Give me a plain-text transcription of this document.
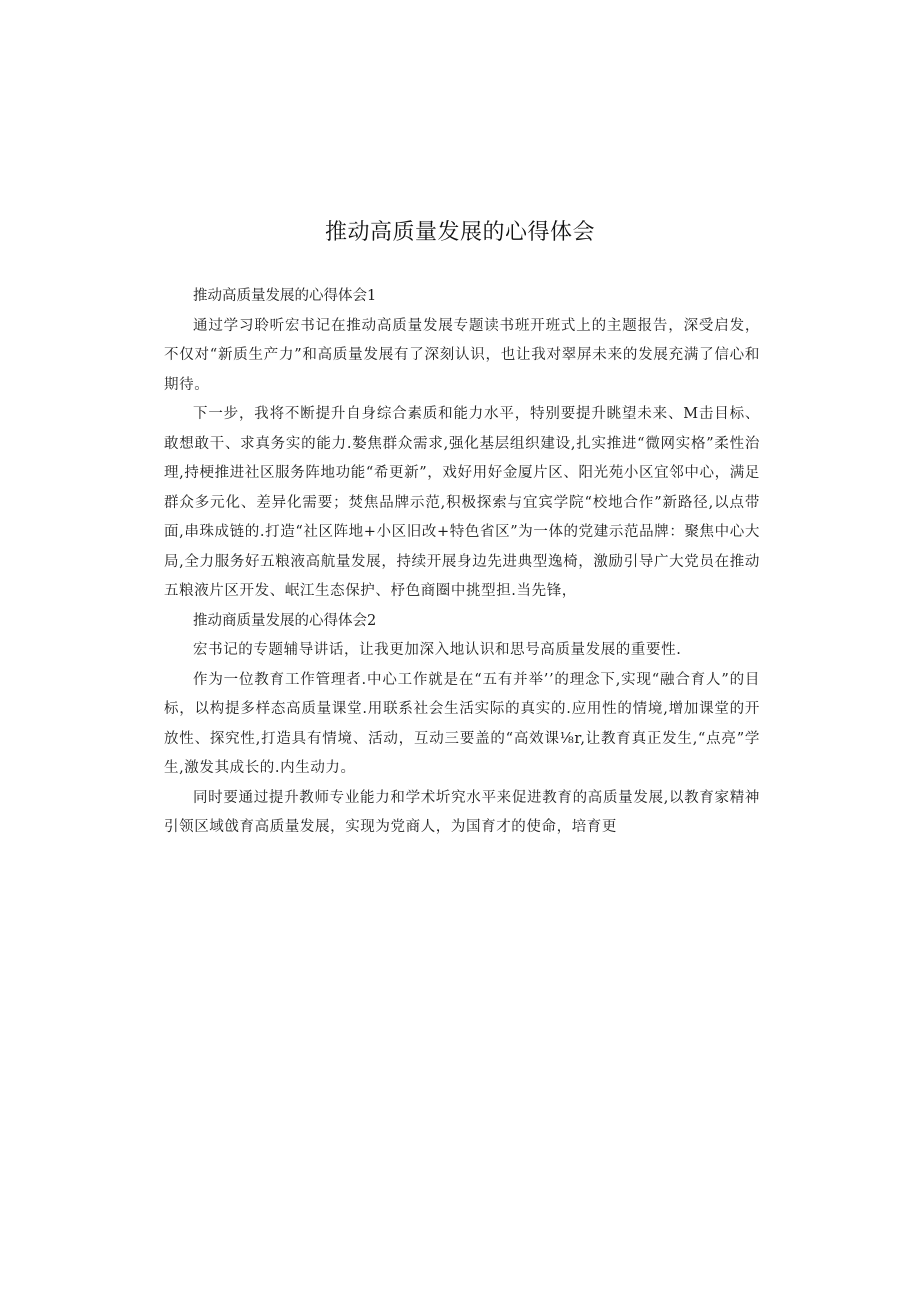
推动高质量发展的心得体会

推动高质量发展的心得体会1

通过学习聆听宏书记在推动高质量发展专题读书班开班式上的主题报告，深受启发，不仅对“新质生产力”和高质量发展有了深刻认识，也让我对翠屏未来的发展充满了信心和期待。

下一步，我将不断提升自身综合素质和能力水平，特别要提升眺望未来、M击目标、敢想敢干、求真务实的能力.嫯焦群众需求,强化基层组织建设,扎实推进“微网实格”柔性治理,持梗推进社区服务阵地功能“希更新”，戏好用好金厦片区、阳光苑小区宜邻中心，满足群众多元化、差异化需要；焚焦品牌示范,积极探索与宜宾学院“校地合作”新路径,以点带面,串珠成链的.打造“社区阵地+小区旧改+特色省区”为一体的党建示范品牌：聚焦中心大局,全力服务好五粮液高航量发展，持续开展身边先进典型逸椅，激励引导广大党员在推动五粮液片区开发、岷江生态保护、杼色商圈中挑型担.当先锋，

推动商质量发展的心得体会2

宏书记的专题辅导讲话，让我更加深入地认识和思号高质量发展的重要性.

作为一位教育工作管理者.中心工作就是在“五有并举’’的理念下,实现“融合育人”的目标，以构提多样态高质量课堂.用联系社会生活实际的真实的.应用性的情境,增加课堂的开放性、探究性,打造具有情境、活动，互动三要盖的“高效课⅛r,让教育真正发生,“点亮”学生,激发其成长的.内生动力。

同时要通过提升教师专业能力和学术圻究水平来促进教育的高质量发展,以教育家精神引领区域戗育高质量发展，实现为党商人，为国育才的使命，培育更
